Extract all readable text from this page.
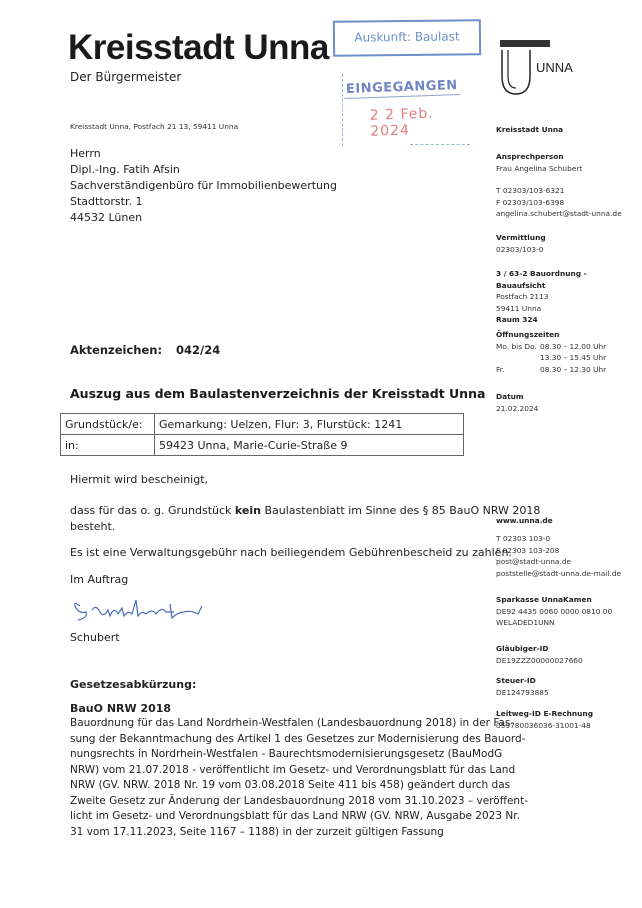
Kreisstadt Unna
Der Bürgermeister
Auskunft: Baulast
EINGEGANGEN
2 2 Feb. 2024
UNNA
Kreisstadt Unna, Postfach 21 13, 59411 Unna
Herrn
Dipl.-Ing. Fatih Afsin
Sachverständigenbüro für Immobilienbewertung
Stadttorstr. 1
44532 Lünen
Kreisstadt Unna
Ansprechperson
Frau Angelina Schubert
T 02303/103-6321
F 02303/103-6398
angelina.schubert@stadt-unna.de
Vermittlung
02303/103-0
3 / 63-2 Bauordnung - Bauaufsicht
Postfach 2113
59411 Unna
Raum 324
Öffnungszeiten
Mo. bis Do. 08.30 – 12.00 Uhr
13.30 – 15.45 Uhr
Fr.	08.30 – 12.30 Uhr
Datum
21.02.2024
www.unna.de
T 02303 103-0
F 02303 103-208
post@stadt-unna.de
poststelle@stadt-unna.de-mail.de
Sparkasse UnnaKamen
DE92 4435 0060 0000 0810 00
WELADED1UNN
Gläubiger-ID
DE19ZZZ00000027660
Steuer-ID
DE124793885
Leitweg-ID E-Rechnung
059780036036-31001-48
Aktenzeichen: 042/24
Auszug aus dem Baulastenverzeichnis der Kreisstadt Unna
Grundstück/e:	Gemarkung: Uelzen, Flur: 3, Flurstück: 1241
in:	59423 Unna, Marie-Curie-Straße 9
Hiermit wird bescheinigt,
dass für das o. g. Grundstück kein Baulastenblatt im Sinne des § 85 BauO NRW 2018
besteht.
Es ist eine Verwaltungsgebühr nach beiliegendem Gebührenbescheid zu zahlen.
Im Auftrag
Schubert
Gesetzesabkürzung:
BauO NRW 2018
Bauordnung für das Land Nordrhein-Westfalen (Landesbauordnung 2018) in der Fas-
sung der Bekanntmachung des Artikel 1 des Gesetzes zur Modernisierung des Bauord-
nungsrechts in Nordrhein-Westfalen - Baurechtsmodernisierungsgesetz (BauModG
NRW) vom 21.07.2018 - veröffentlicht im Gesetz- und Verordnungsblatt für das Land
NRW (GV. NRW. 2018 Nr. 19 vom 03.08.2018 Seite 411 bis 458) geändert durch das
Zweite Gesetz zur Änderung der Landesbauordnung 2018 vom 31.10.2023 – veröffent-
licht im Gesetz- und Verordnungsblatt für das Land NRW (GV. NRW, Ausgabe 2023 Nr.
31 vom 17.11.2023, Seite 1167 – 1188) in der zurzeit gültigen Fassung
